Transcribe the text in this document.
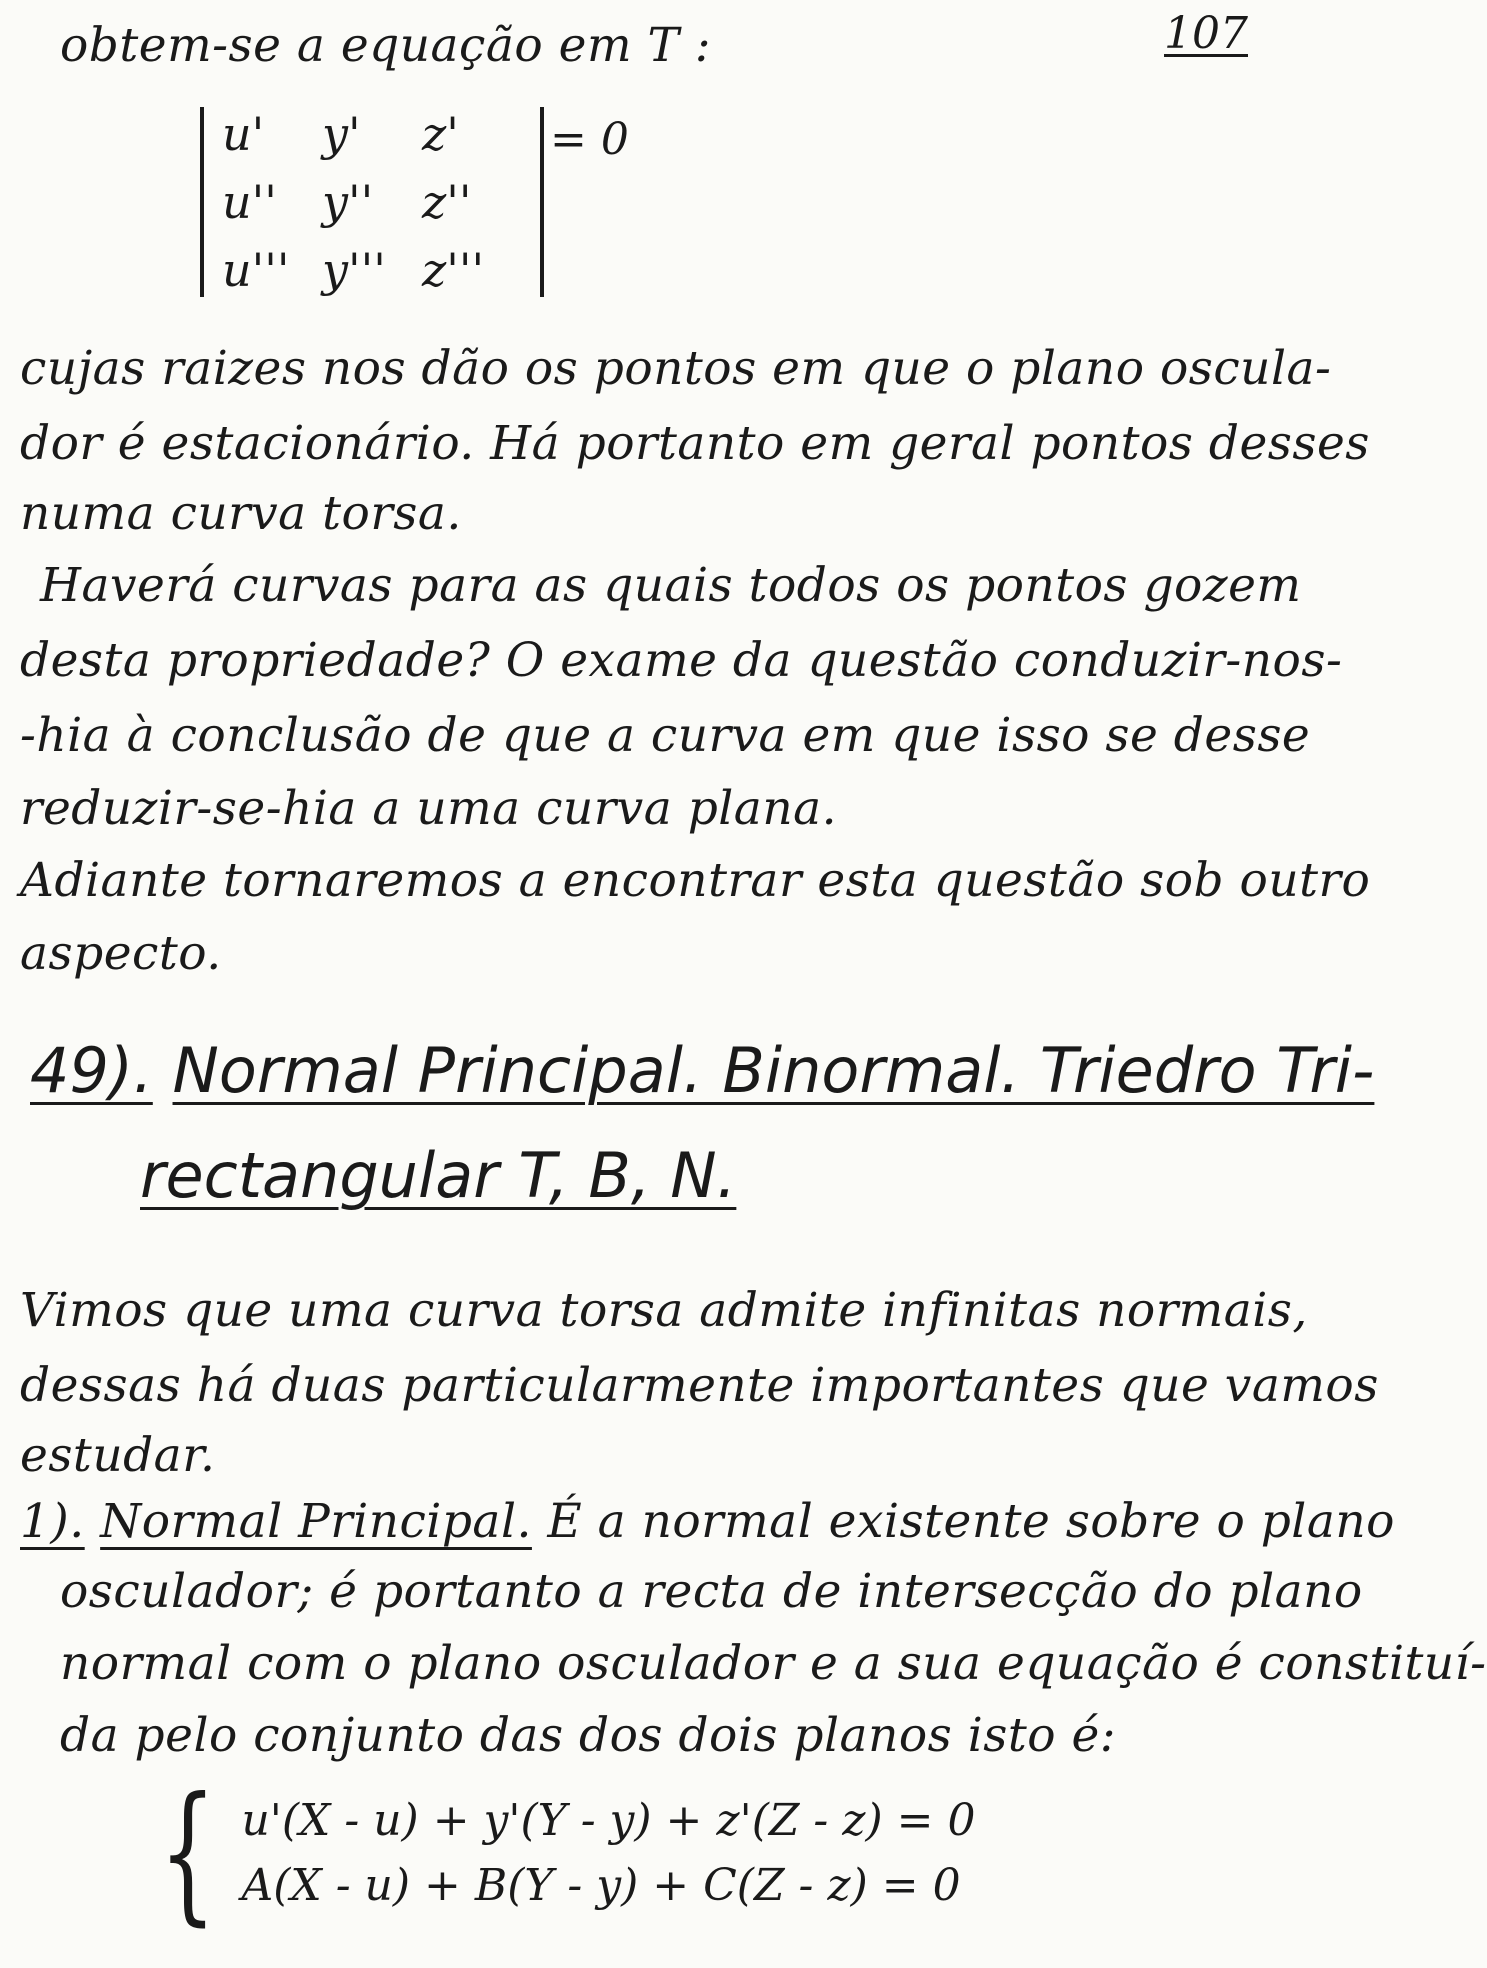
107
obtem-se a equação em T :
u'	y'	z'
u'' y''	z''
u''' y''' z'''
= 0
cujas raizes nos dão os pontos em que o plano oscula-
dor é estacionário. Há portanto em geral pontos desses
numa curva torsa.
Haverá curvas para as quais todos os pontos gozem
desta propriedade? O exame da questão conduzir-nos-
-hia à conclusão de que a curva em que isso se desse
reduzir-se-hia a uma curva plana.
Adiante tornaremos a encontrar esta questão sob outro
aspecto.
49). Normal Principal. Binormal. Triedro Tri-
rectangular T, B, N.
Vimos que uma curva torsa admite infinitas normais,
dessas há duas particularmente importantes que vamos
estudar.
1). Normal Principal. É a normal existente sobre o plano
osculador; é portanto a recta de intersecção do plano
normal com o plano osculador e a sua equação é constituí-
da pelo conjunto das dos dois planos isto é:
{ u'(X - u) + y'(Y - y) + z'(Z - z) = 0
A(X - u) + B(Y - y) + C(Z - z) = 0
